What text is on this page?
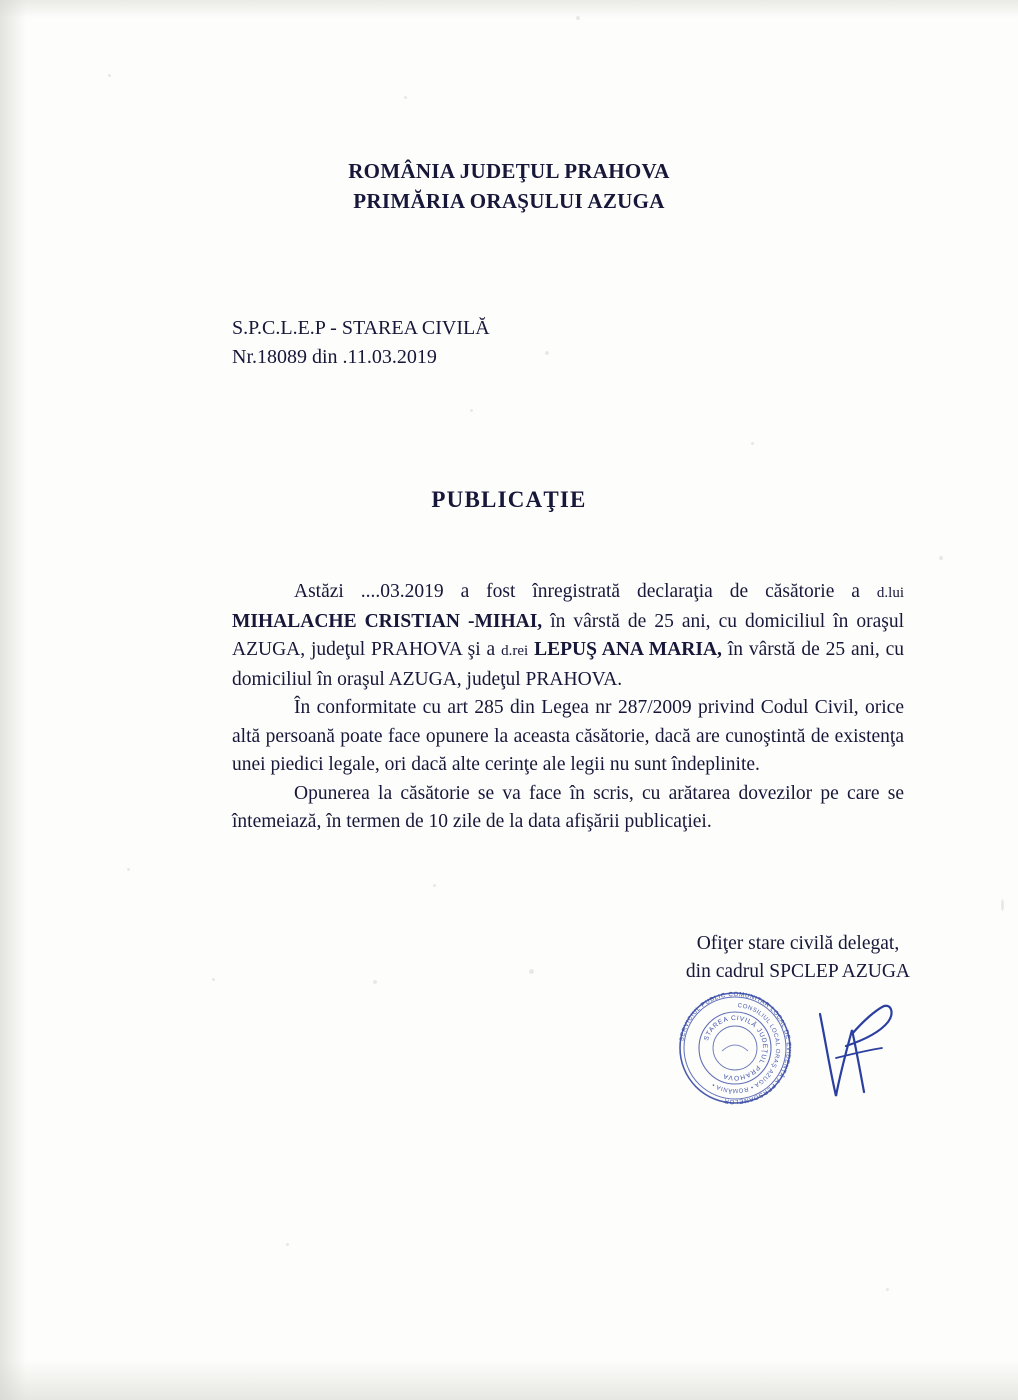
ROMÂNIA JUDEŢUL PRAHOVA
PRIMĂRIA ORAŞULUI AZUGA
S.P.C.L.E.P - STAREA CIVILĂ
Nr.18089 din .11.03.2019
PUBLICAŢIE

Astăzi ....03.2019 a fost înregistrată declaraţia de căsătorie a d.lui MIHALACHE CRISTIAN -MIHAI, în vârstă de 25 ani, cu domiciliul în oraşul AZUGA, judeţul PRAHOVA şi a d.rei LEPUŞ ANA MARIA, în vârstă de 25 ani, cu domiciliul în oraşul AZUGA, judeţul PRAHOVA.

În conformitate cu art 285 din Legea nr 287/2009 privind Codul Civil, orice altă persoană poate face opunere la aceasta căsătorie, dacă are cunoştintă de existenţa unei piedici legale, ori dacă alte cerinţe ale legii nu sunt îndeplinite.

Opunerea la căsătorie se va face în scris, cu arătarea dovezilor pe care se întemeiază, în termen de 10 zile de la data afişării publicaţiei.

Ofiţer stare civilă delegat,
din cadrul SPCLEP AZUGA
SERVICIUL PUBLIC COMUNITAR LOCAL DE EVIDENŢĂ A PERSOANELOR
CONSILIUL LOCAL ORAŞ AZUGA • ROMÂNIA •
STAREA CIVILĂ JUDEŢUL PRAHOVA
